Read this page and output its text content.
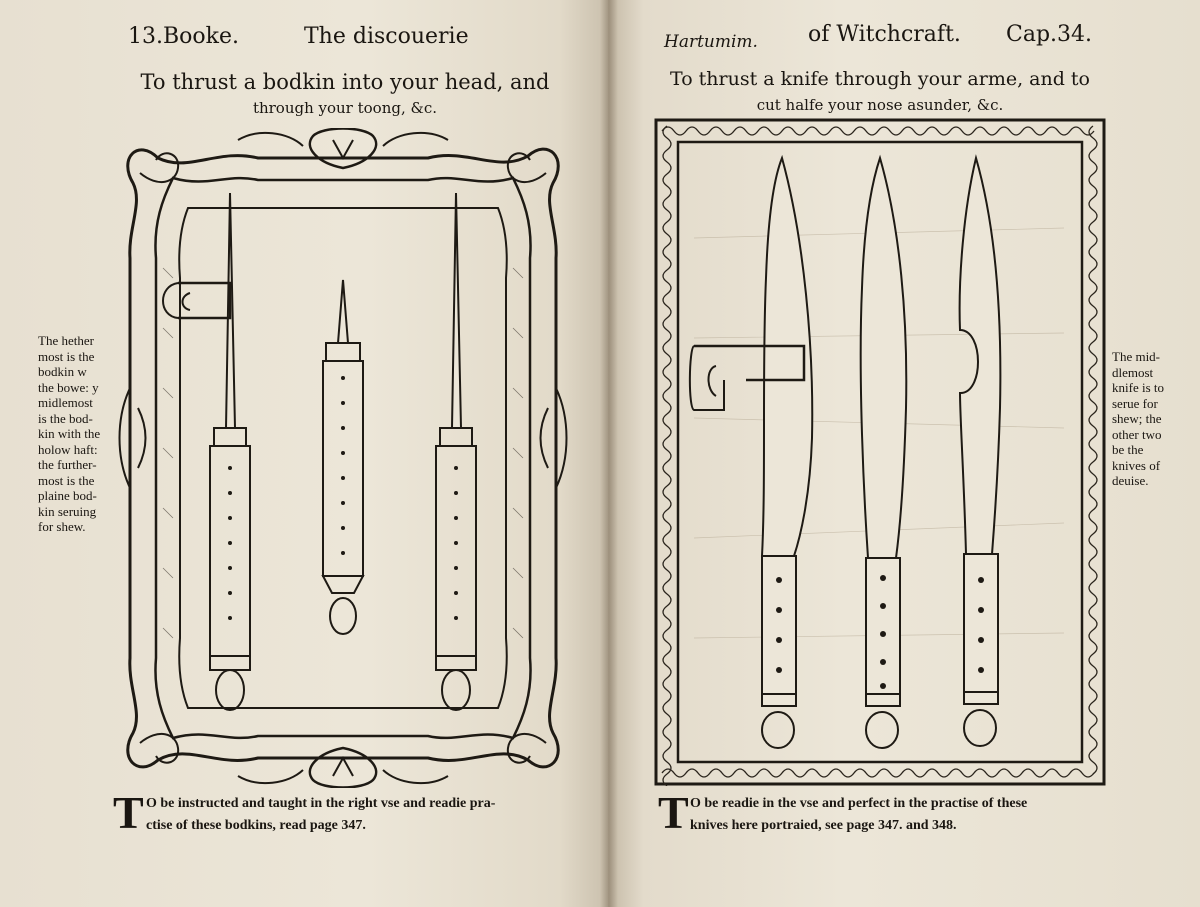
13.Booke.	The discouerie
To thrust a bodkin into your head, and
through your toong, &c.
The hether
most is the
bodkin w
the bowe: y
midlemost
is the bod-
kin with the
holow haft:
the further-
most is the
plaine bod-
kin seruing
for shew.
T O be instructed and taught in the right vse and readie pra-
ctise of these bodkins, read page 347.
Hartumim. of Witchcraft. Cap.34.
To thrust a knife through your arme, and to
cut halfe your nose asunder, &c.
The mid-
dlemost
knife is to
serue for
shew; the
other two
be the
knives of
deuise.
T O be readie in the vse and perfect in the practise of these
knives here portraied, see page 347. and 348.
